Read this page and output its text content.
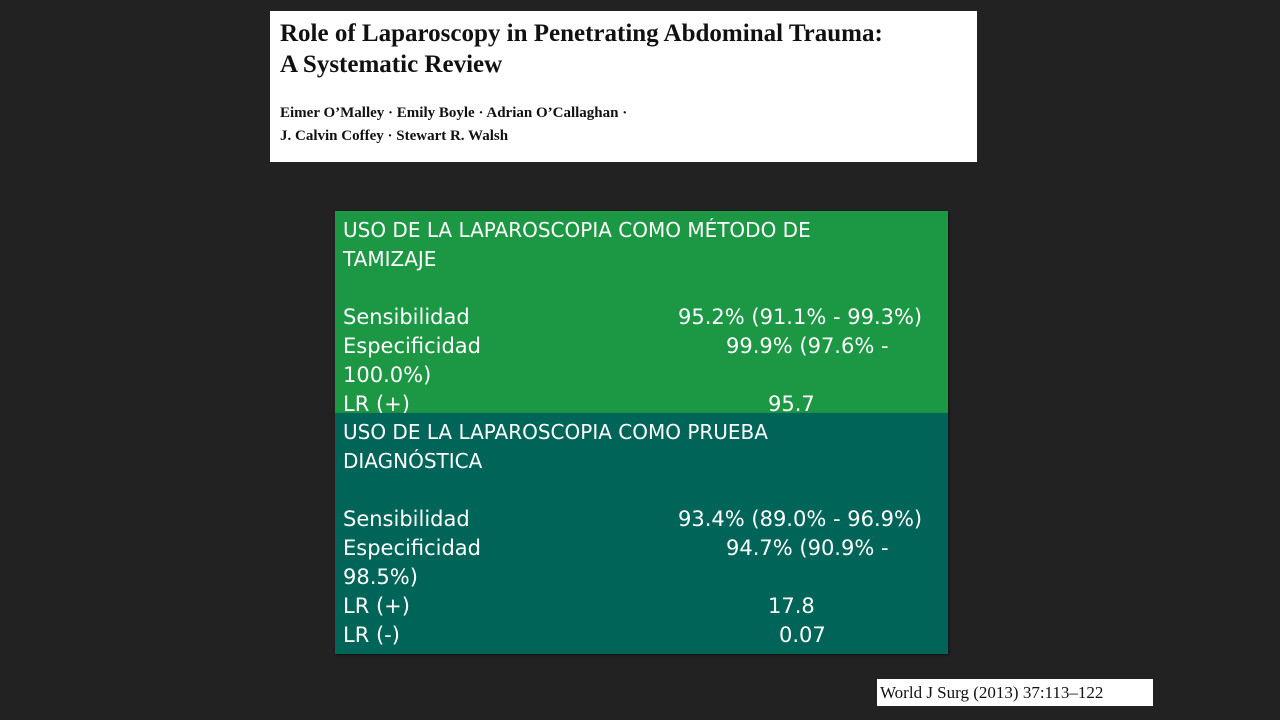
Role of Laparoscopy in Penetrating Abdominal Trauma:
A Systematic Review
Eimer O’Malley · Emily Boyle · Adrian O’Callaghan ·
J. Calvin Coffey · Stewart R. Walsh
USO DE LA LAPAROSCOPIA COMO MÉTODO DE
TAMIZAJE
Sensibilidad	95.2% (91.1% - 99.3%)
Especificidad	99.9% (97.6% -
100.0%)
LR (+)	95.7
USO DE LA LAPAROSCOPIA COMO PRUEBA
DIAGNÓSTICA
Sensibilidad	93.4% (89.0% - 96.9%)
Especificidad	94.7% (90.9% -
98.5%)
LR (+)	17.8
LR (-)	0.07
World J Surg (2013) 37:113–122
